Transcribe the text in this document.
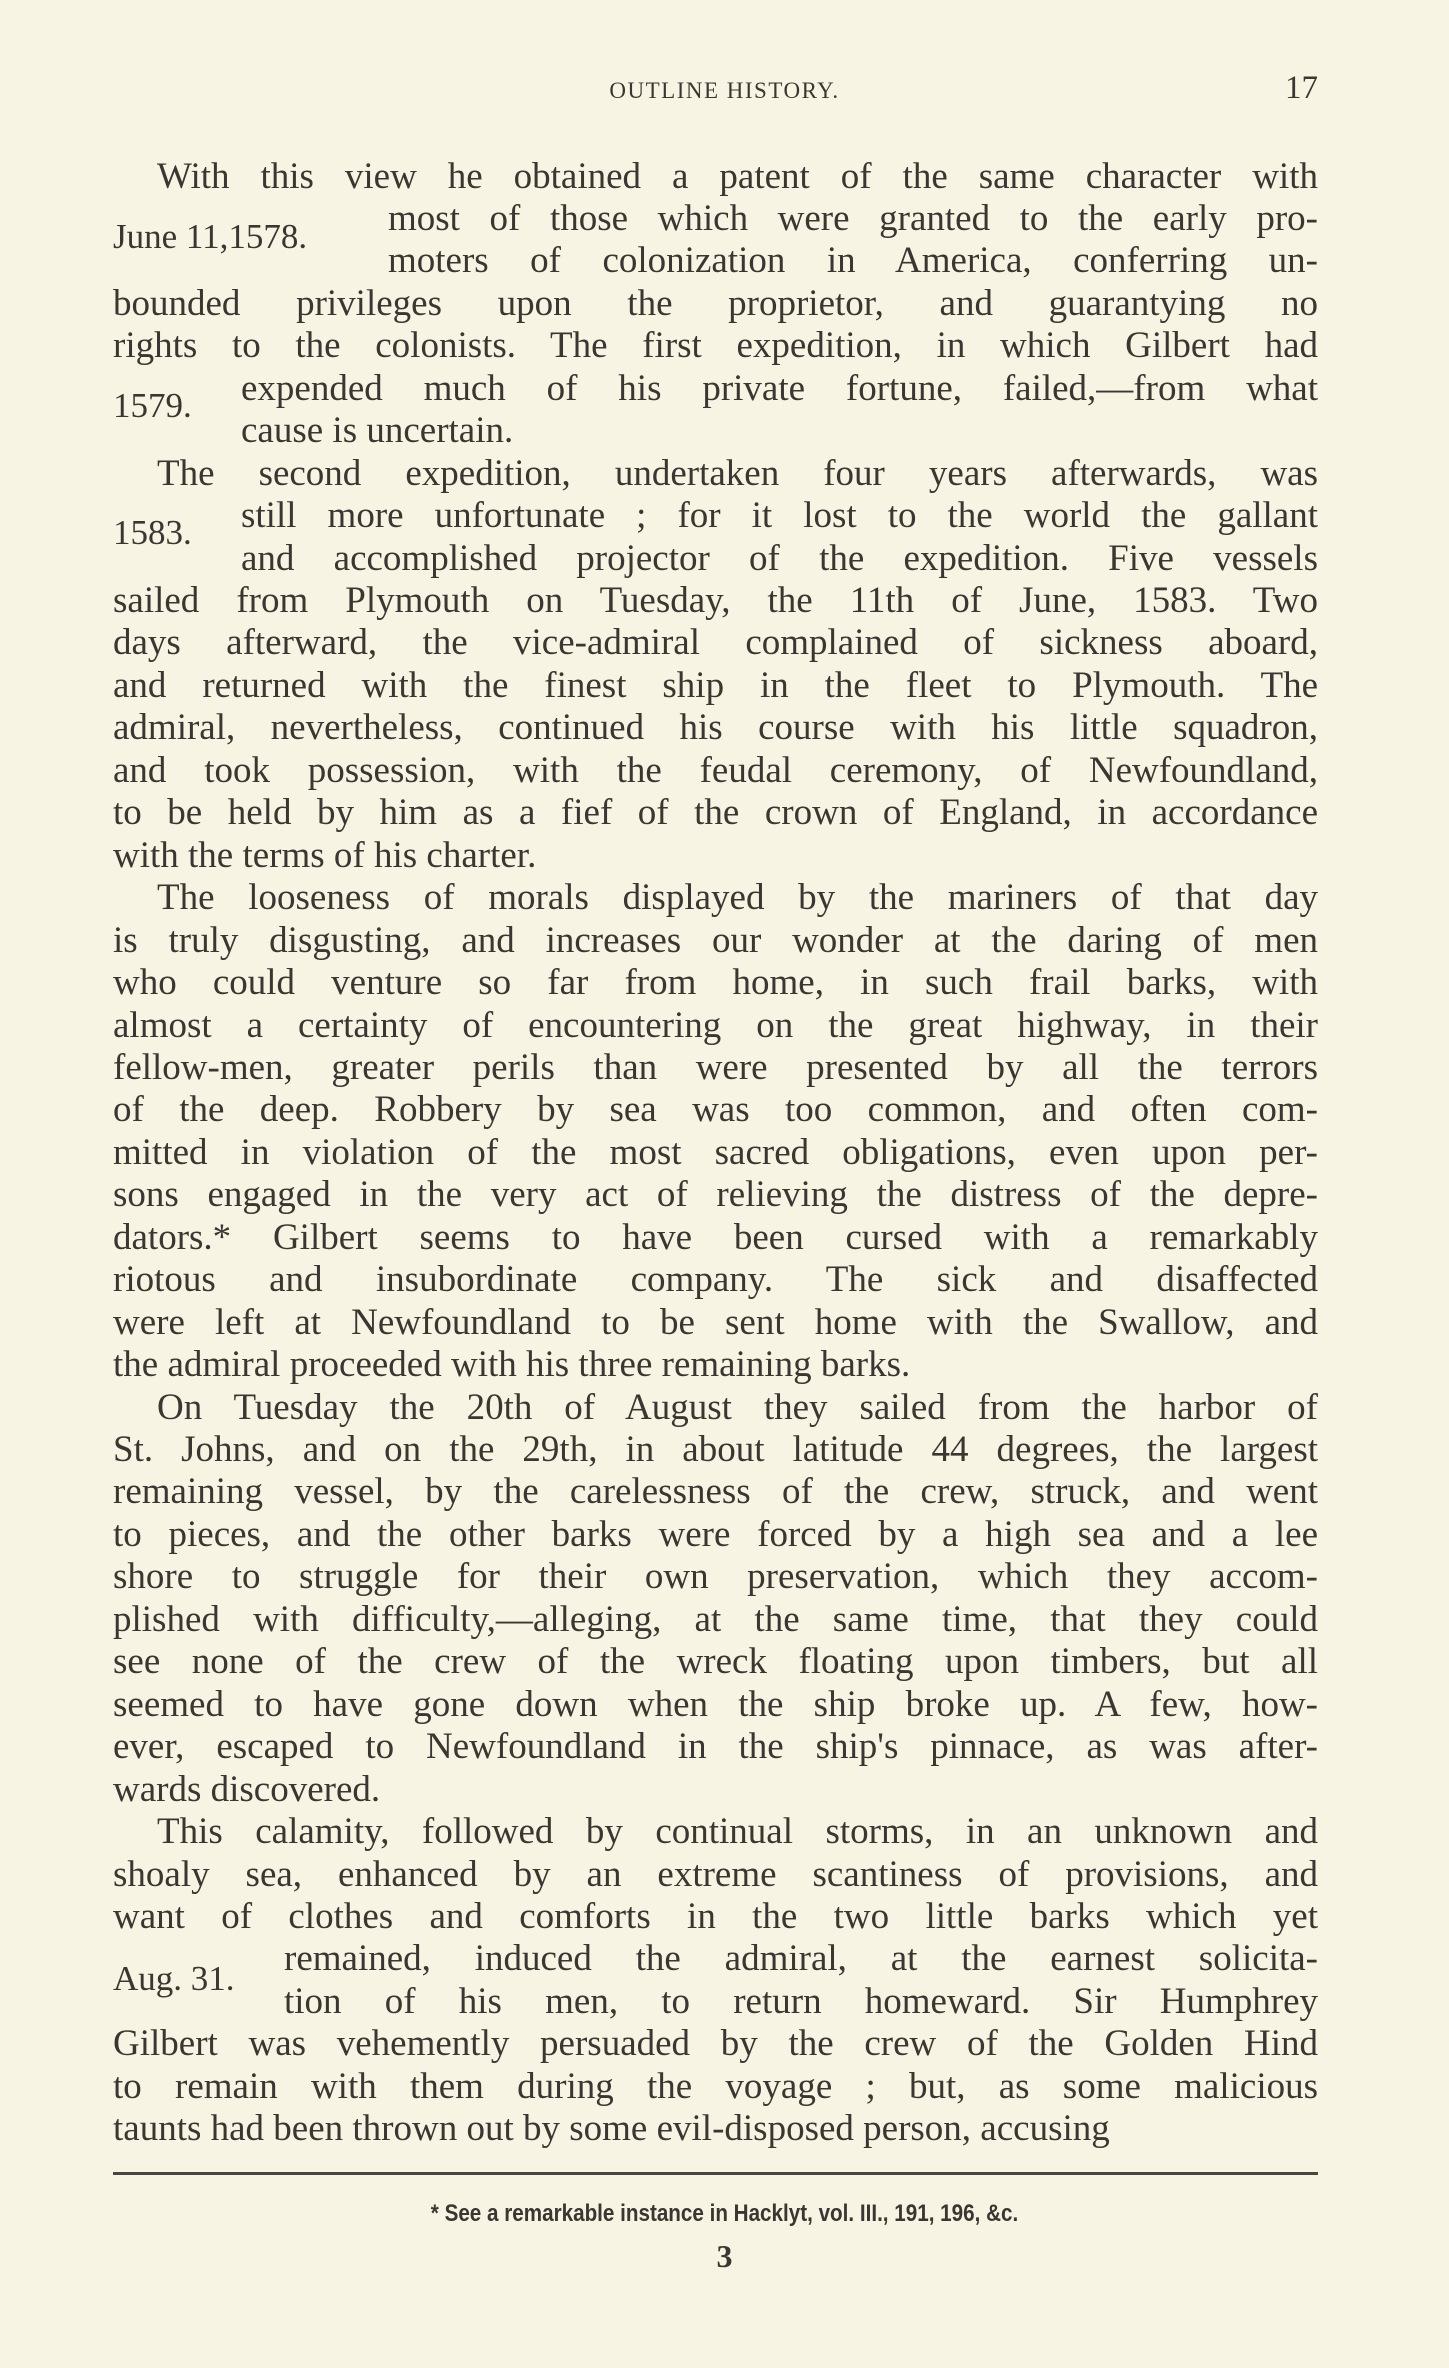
OUTLINE HISTORY.	17
With this view he obtained a patent of the same character with
most of those which were granted to the early pro-
moters of colonization in America, conferring un-
bounded privileges upon the proprietor, and guarantying no
rights to the colonists. The first expedition, in which Gilbert had
expended much of his private fortune, failed,—from what
cause is uncertain.
The second expedition, undertaken four years afterwards, was
still more unfortunate ; for it lost to the world the gallant
and accomplished projector of the expedition. Five vessels
sailed from Plymouth on Tuesday, the 11th of June, 1583. Two
days afterward, the vice-admiral complained of sickness aboard,
and returned with the finest ship in the fleet to Plymouth. The
admiral, nevertheless, continued his course with his little squadron,
and took possession, with the feudal ceremony, of Newfoundland,
to be held by him as a fief of the crown of England, in accordance
with the terms of his charter.
The looseness of morals displayed by the mariners of that day
is truly disgusting, and increases our wonder at the daring of men
who could venture so far from home, in such frail barks, with
almost a certainty of encountering on the great highway, in their
fellow-men, greater perils than were presented by all the terrors
of the deep. Robbery by sea was too common, and often com-
mitted in violation of the most sacred obligations, even upon per-
sons engaged in the very act of relieving the distress of the depre-
dators.* Gilbert seems to have been cursed with a remarkably
riotous and insubordinate company. The sick and disaffected
were left at Newfoundland to be sent home with the Swallow, and
the admiral proceeded with his three remaining barks.
On Tuesday the 20th of August they sailed from the harbor of
St. Johns, and on the 29th, in about latitude 44 degrees, the largest
remaining vessel, by the carelessness of the crew, struck, and went
to pieces, and the other barks were forced by a high sea and a lee
shore to struggle for their own preservation, which they accom-
plished with difficulty,—alleging, at the same time, that they could
see none of the crew of the wreck floating upon timbers, but all
seemed to have gone down when the ship broke up. A few, how-
ever, escaped to Newfoundland in the ship's pinnace, as was after-
wards discovered.
This calamity, followed by continual storms, in an unknown and
shoaly sea, enhanced by an extreme scantiness of provisions, and
want of clothes and comforts in the two little barks which yet
remained, induced the admiral, at the earnest solicita-
tion of his men, to return homeward. Sir Humphrey
Gilbert was vehemently persuaded by the crew of the Golden Hind
to remain with them during the voyage ; but, as some malicious
taunts had been thrown out by some evil-disposed person, accusing
June 11,1578.
1579.
1583.
Aug. 31.
* See a remarkable instance in Hacklyt, vol. III., 191, 196, &c.
3
